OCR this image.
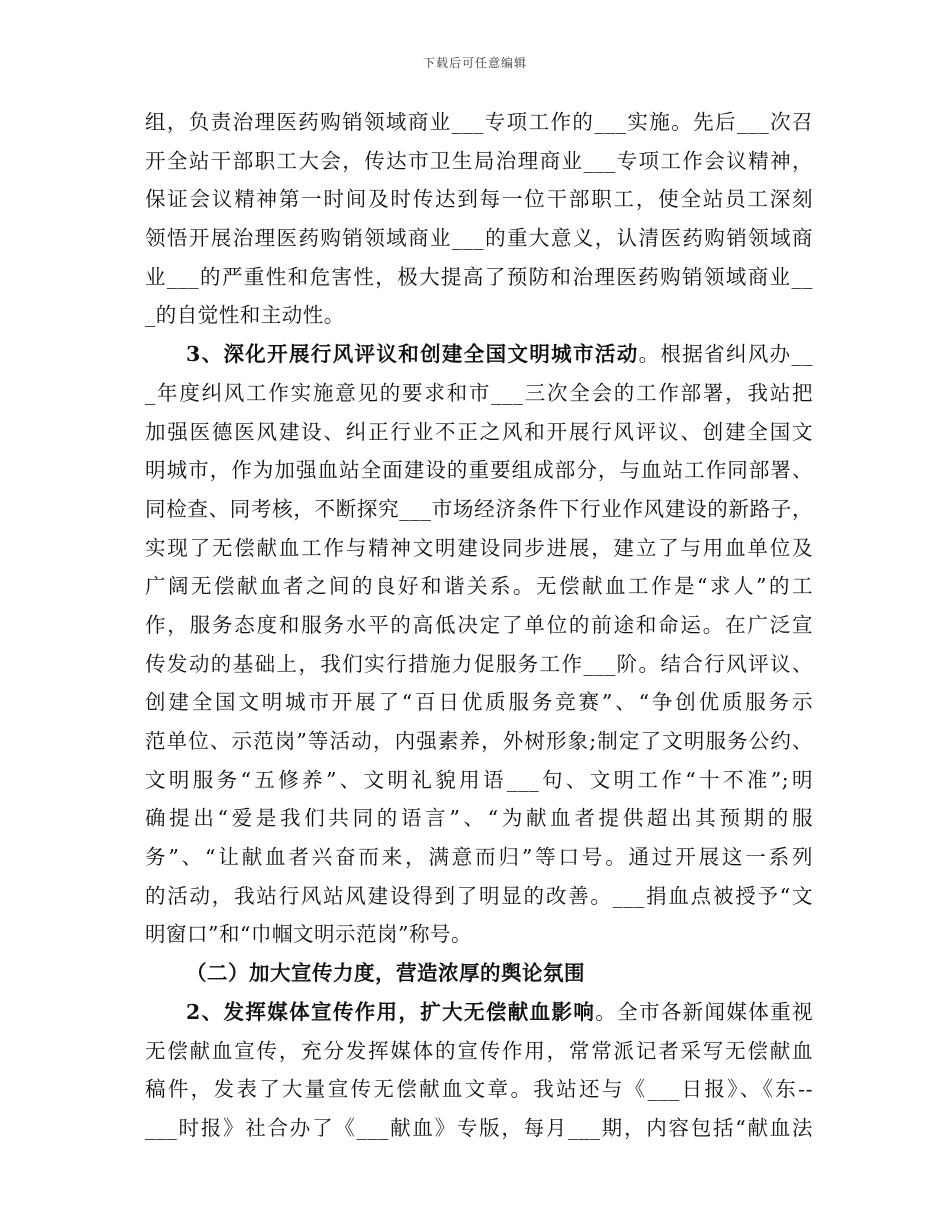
下载后可任意编辑
组，负责治理医药购销领域商业___专项工作的___实施。先后___次召
开全站干部职工大会，传达市卫生局治理商业___专项工作会议精神，
保证会议精神第一时间及时传达到每一位干部职工，使全站员工深刻
领悟开展治理医药购销领域商业___的重大意义，认清医药购销领域商
业___的严重性和危害性，极大提高了预防和治理医药购销领域商业__
_的自觉性和主动性。
3、深化开展行风评议和创建全国文明城市活动。根据省纠风办__
_年度纠风工作实施意见的要求和市___三次全会的工作部署，我站把
加强医德医风建设、纠正行业不正之风和开展行风评议、创建全国文
明城市，作为加强血站全面建设的重要组成部分，与血站工作同部署、
同检查、同考核，不断探究___市场经济条件下行业作风建设的新路子，
实现了无偿献血工作与精神文明建设同步进展，建立了与用血单位及
广阔无偿献血者之间的良好和谐关系。无偿献血工作是“求人”的工
作，服务态度和服务水平的高低决定了单位的前途和命运。在广泛宣
传发动的基础上，我们实行措施力促服务工作___阶。结合行风评议、
创建全国文明城市开展了“百日优质服务竞赛”、“争创优质服务示
范单位、示范岗”等活动，内强素养，外树形象;制定了文明服务公约、
文明服务“五修养”、文明礼貌用语___句、文明工作“十不准”;明
确提出“爱是我们共同的语言”、“为献血者提供超出其预期的服
务”、“让献血者兴奋而来，满意而归”等口号。通过开展这一系列
的活动，我站行风站风建设得到了明显的改善。___捐血点被授予“文
明窗口”和“巾帼文明示范岗”称号。
（二）加大宣传力度，营造浓厚的舆论氛围
2、发挥媒体宣传作用，扩大无偿献血影响。全市各新闻媒体重视
无偿献血宣传，充分发挥媒体的宣传作用，常常派记者采写无偿献血
稿件，发表了大量宣传无偿献血文章。我站还与《___日报》、《东--
___时报》社合办了《___献血》专版，每月___期，内容包括“献血法
